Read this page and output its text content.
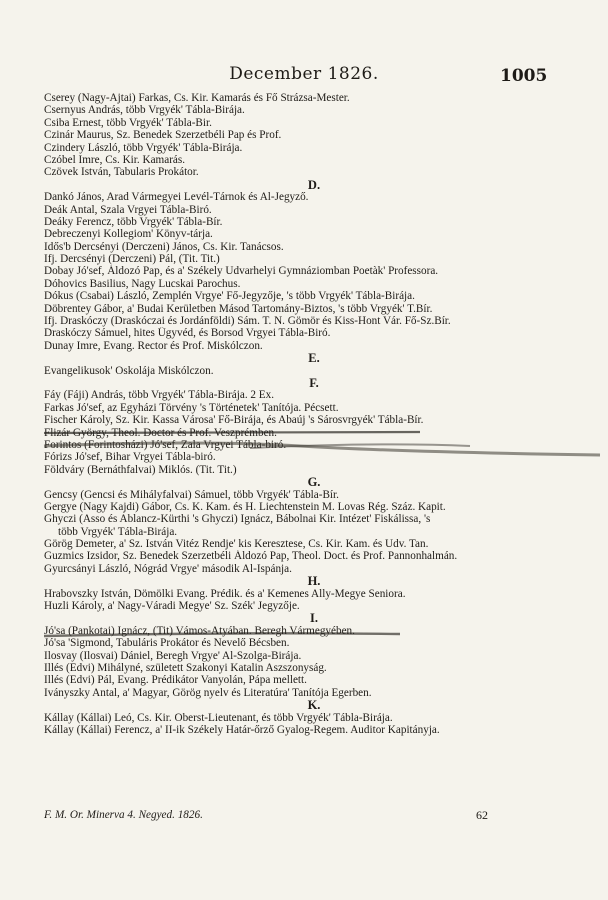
December 1826.	1005
Cserey (Nagy-Ajtai) Farkas, Cs. Kir. Kamarás és Fő Strázsa-Mester.
Csernyus András, több Vrgyék' Tábla-Birája.
Csiba Ernest, több Vrgyék' Tábla-Bir.
Czinár Maurus, Sz. Benedek Szerzetbéli Pap és Prof.
Czindery László, több Vrgyék' Tábla-Birája.
Czóbel Imre, Cs. Kir. Kamarás.
Czövek István, Tabularis Prokátor.
D.
Dankó János, Arad Vármegyei Levél-Tárnok és Al-Jegyző.
Deák Antal, Szala Vrgyei Tábla-Biró.
Deáky Ferencz, több Vrgyék' Tábla-Bír.
Debreczenyi Kollegiom' Könyv-tárja.
Idős'b Dercsényi (Derczeni) János, Cs. Kir. Tanácsos.
Ifj. Dercsényi (Derczeni) Pál, (Tit. Tit.)
Dobay Jó'sef, Áldozó Pap, és a' Székely Udvarhelyi Gymnáziomban Poetàk' Professora.
Dóhovics Basilius, Nagy Lucskai Parochus.
Dókus (Csabai) László, Zemplén Vrgye' Fő-Jegyzője, 's több Vrgyék' Tábla-Birája.
Döbrentey Gábor, a' Budai Kerületben Másod Tartomány-Biztos, 's több Vrgyék' T.Bír.
Ifj. Draskóczy (Draskóczai és Jordánföldi) Sám. T. N. Gömör és Kiss-Hont Vár. Fő-Sz.Bír.
Draskóczy Sámuel, hites Ügyvéd, és Borsod Vrgyei Tábla-Biró.
Dunay Imre, Evang. Rector és Prof. Miskólczon.
E.
Evangelikusok' Oskolája Miskólczon.
F.
Fáy (Fáji) András, több Vrgyék' Tábla-Birája. 2 Ex.
Farkas Jó'sef, az Egyházi Törvény 's Történetek' Tanítója. Pécsett.
Fischer Károly, Sz. Kir. Kassa Városa' Fő-Birája, és Abaúj 's Sárosvrgyék' Tábla-Bír.
Flizár György, Theol. Doctor és Prof. Veszprémben.
Forintos (Forintosházi) Jó'sef, Zala Vrgyei Tábla-biró.
Fórizs Jó'sef, Bihar Vrgyei Tábla-biró.
Földváry (Bernáthfalvai) Miklós. (Tit. Tit.)
G.
Gencsy (Gencsi és Mihályfalvai) Sámuel, több Vrgyék' Tábla-Bír.
Gergye (Nagy Kajdi) Gábor, Cs. K. Kam. és H. Liechtenstein M. Lovas Rég. Száz. Kapit.
Ghyczi (Asso és Ablancz-Kürthi 's Ghyczi) Ignácz, Bábolnai Kir. Intézet' Fiskálissa, 's
több Vrgyék' Tábla-Birája.
Görög Demeter, a' Sz. István Vitéz Rendje' kis Keresztese, Cs. Kir. Kam. és Udv. Tan.
Guzmics Izsidor, Sz. Benedek Szerzetbéli Áldozó Pap, Theol. Doct. és Prof. Pannonhalmán.
Gyurcsányi László, Nógrád Vrgye' második Al-Ispánja.
H.
Hrabovszky István, Dömölki Evang. Prédik. és a' Kemenes Ally-Megye Seniora.
Huzli Károly, a' Nagy-Váradi Megye' Sz. Szék' Jegyzője.
I.
Jó'sa (Pankotai) Ignácz, (Tit) Vámos-Atyában. Beregh Vármegyében.
Jó'sa 'Sigmond, Tabuláris Prokátor és Nevelő Bécsben.
Ilosvay (Ilosvai) Dániel, Beregh Vrgye' Al-Szolga-Birája.
Illés (Edvi) Mihályné, született Szakonyi Katalin Aszszonyság.
Illés (Edvi) Pál, Evang. Prédikátor Vanyolán, Pápa mellett.
Iványszky Antal, a' Magyar, Görög nyelv és Literatúra' Tanítója Egerben.
K.
Kállay (Kállai) Leó, Cs. Kir. Oberst-Lieutenant, és több Vrgyék' Tábla-Birája.
Kállay (Kállai) Ferencz, a' II-ik Székely Határ-őrző Gyalog-Regem. Auditor Kapitányja.
F. M. Or. Minerva 4. Negyed. 1826.	62
